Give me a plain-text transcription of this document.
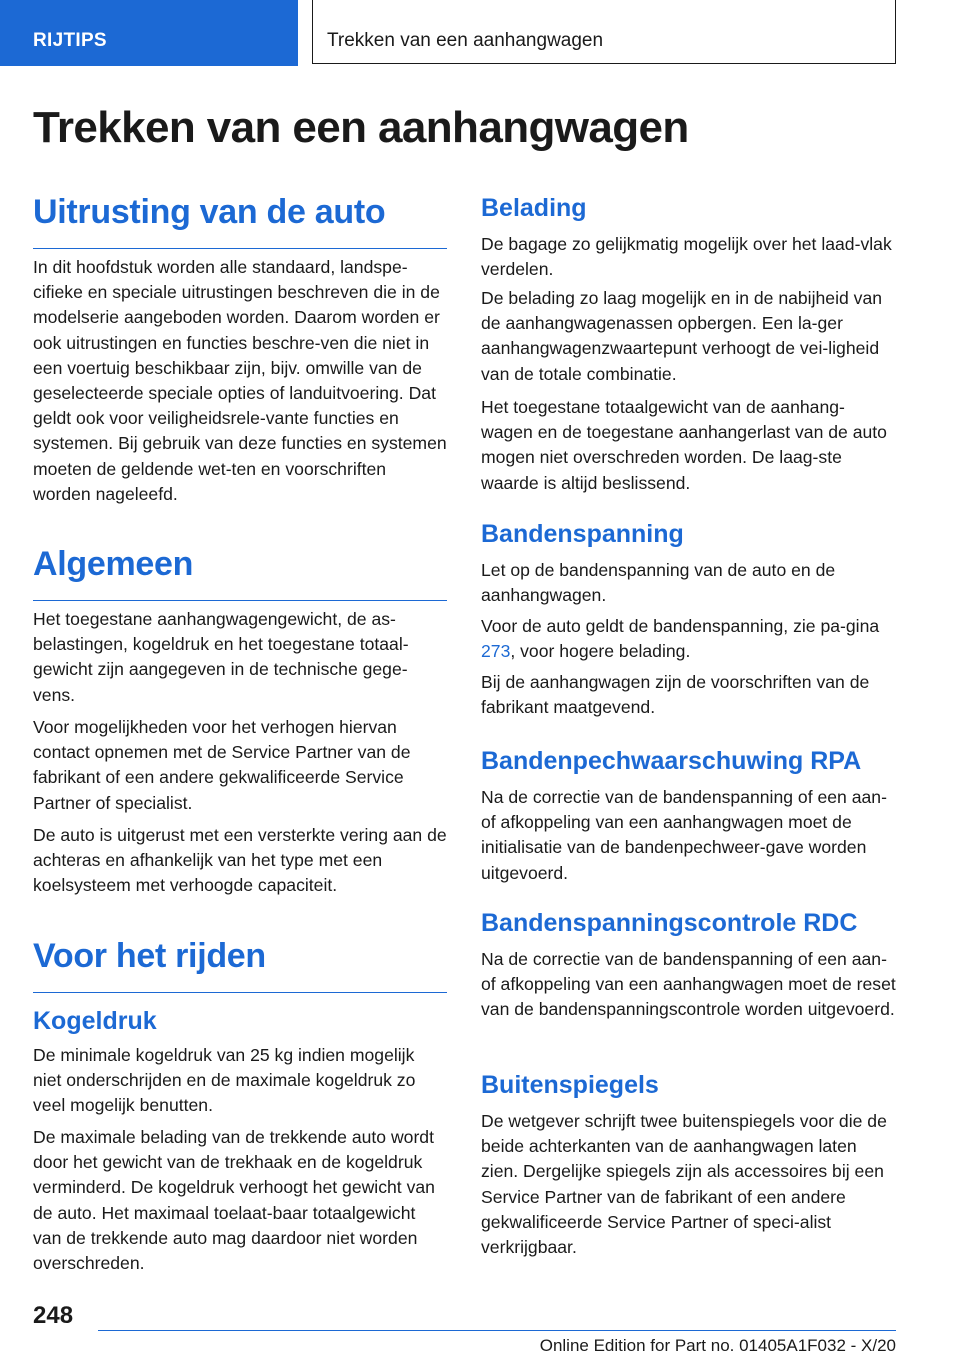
RIJTIPS	Trekken van een aanhangwagen
Trekken van een aanhangwagen
Uitrusting van de auto

In dit hoofdstuk worden alle standaard, landspe-cifieke en speciale uitrustingen beschreven die in de modelserie aangeboden worden. Daarom worden er ook uitrustingen en functies beschre-ven die niet in een voertuig beschikbaar zijn, bijv. omwille van de geselecteerde speciale opties of landuitvoering. Dat geldt ook voor veiligheidsrele-vante functies en systemen. Bij gebruik van deze functies en systemen moeten de geldende wet-ten en voorschriften worden nageleefd.

Algemeen

Het toegestane aanhangwagengewicht, de as-belastingen, kogeldruk en het toegestane totaal-gewicht zijn aangegeven in de technische gege-vens.

Voor mogelijkheden voor het verhogen hiervan contact opnemen met de Service Partner van de fabrikant of een andere gekwalificeerde Service Partner of specialist.

De auto is uitgerust met een versterkte vering aan de achteras en afhankelijk van het type met een koelsysteem met verhoogde capaciteit.

Voor het rijden
Kogeldruk

De minimale kogeldruk van 25 kg indien mogelijk niet onderschrijden en de maximale kogeldruk zo veel mogelijk benutten.

De maximale belading van de trekkende auto wordt door het gewicht van de trekhaak en de kogeldruk verminderd. De kogeldruk verhoogt het gewicht van de auto. Het maximaal toelaat-baar totaalgewicht van de trekkende auto mag daardoor niet worden overschreden.

Belading

De bagage zo gelijkmatig mogelijk over het laad-vlak verdelen.

De belading zo laag mogelijk en in de nabijheid van de aanhangwagenassen opbergen. Een la-ger aanhangwagenzwaartepunt verhoogt de vei-ligheid van de totale combinatie.

Het toegestane totaalgewicht van de aanhang-wagen en de toegestane aanhangerlast van de auto mogen niet overschreden worden. De laag-ste waarde is altijd beslissend.

Bandenspanning

Let op de bandenspanning van de auto en de aanhangwagen.

Voor de auto geldt de bandenspanning, zie pa-gina 273, voor hogere belading.

Bij de aanhangwagen zijn de voorschriften van de fabrikant maatgevend.

Bandenpechwaarschuwing RPA

Na de correctie van de bandenspanning of een aan- of afkoppeling van een aanhangwagen moet de initialisatie van de bandenpechweer-gave worden uitgevoerd.

Bandenspanningscontrole RDC

Na de correctie van de bandenspanning of een aan- of afkoppeling van een aanhangwagen moet de reset van de bandenspanningscontrole worden uitgevoerd.

Buitenspiegels

De wetgever schrijft twee buitenspiegels voor die de beide achterkanten van de aanhangwagen laten zien. Dergelijke spiegels zijn als accessoires bij een Service Partner van de fabrikant of een andere gekwalificeerde Service Partner of speci-alist verkrijgbaar.

248
Online Edition for Part no. 01405A1F032 - X/20
